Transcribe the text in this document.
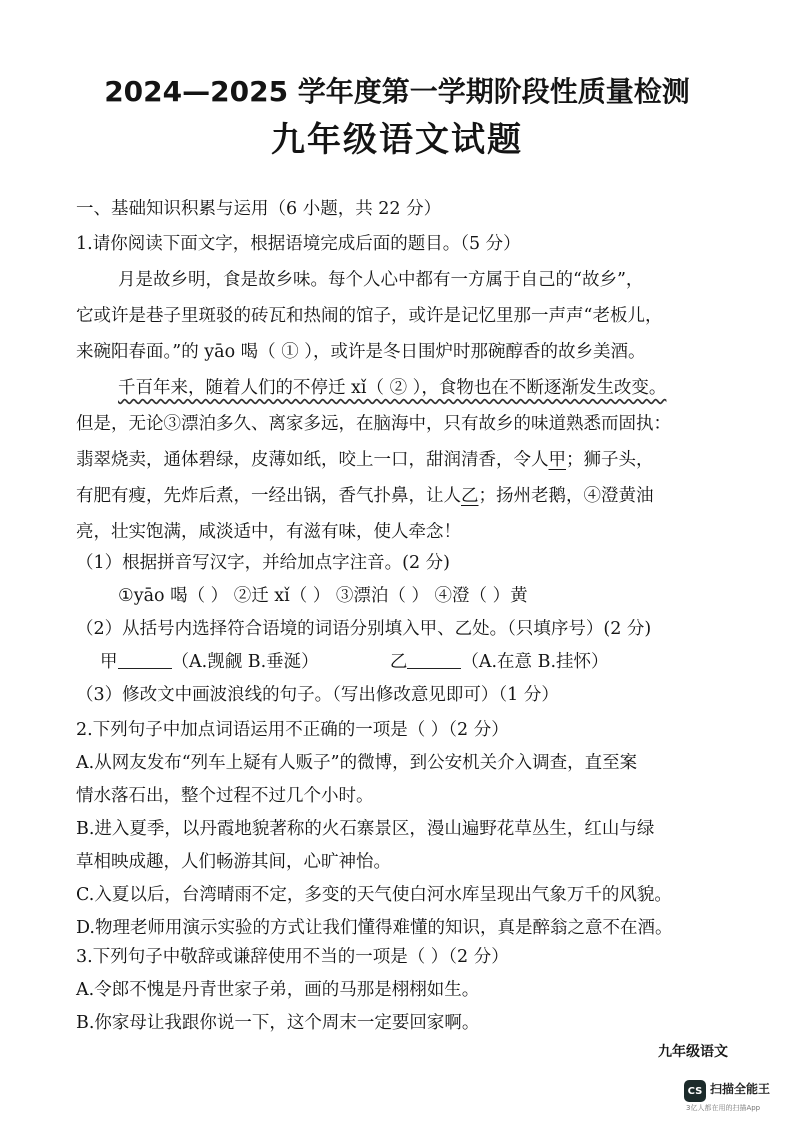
2024—2025 学年度第一学期阶段性质量检测
九年级语文试题
一、基础知识积累与运用（6 小题，共 22 分）
1.请你阅读下面文字，根据语境完成后面的题目。（5 分）
月是故乡明，食是故乡味。每个人心中都有一方属于自己的“故乡”，
它或许是巷子里斑驳的砖瓦和热闹的馆子，或许是记忆里那一声声“老板儿，
来碗阳春面。”的 yāo 喝（ ① ），或许是冬日围炉时那碗醇香的故乡美酒。
千百年来，随着人们的不停迁 xǐ（ ② ），食物也在不断逐渐发生改变。
但是，无论③漂泊多久、离家多远，在脑海中，只有故乡的味道熟悉而固执：
翡翠烧卖，通体碧绿，皮薄如纸，咬上一口，甜润清香，令人甲；狮子头，
有肥有瘦，先炸后煮，一经出锅，香气扑鼻，让人乙；扬州老鹅，④澄黄油
亮，壮实饱满，咸淡适中，有滋有味，使人牵念！
（1）根据拼音写汉字，并给加点字注音。(2 分)
①yāo 喝（ ） ②迁 xǐ（ ） ③漂泊（ ） ④澄（ ）黄
（2）从括号内选择符合语境的词语分别填入甲、乙处。（只填序号）(2 分)
甲	（A.觊觎 B.垂涎）	乙	（A.在意 B.挂怀）
（3）修改文中画波浪线的句子。（写出修改意见即可）（1 分）
2.下列句子中加点词语运用不正确的一项是（ ）（2 分）
A.从网友发布“列车上疑有人贩子”的微博，到公安机关介入调查，直至案
情水落石出，整个过程不过几个小时。
B.进入夏季，以丹霞地貌著称的火石寨景区，漫山遍野花草丛生，红山与绿
草相映成趣，人们畅游其间，心旷神怡。
C.入夏以后，台湾晴雨不定，多变的天气使白河水库呈现出气象万千的风貌。
D.物理老师用演示实验的方式让我们懂得难懂的知识，真是醉翁之意不在酒。
3.下列句子中敬辞或谦辞使用不当的一项是（ ）（2 分）
A.令郎不愧是丹青世家子弟，画的马那是栩栩如生。
B.你家母让我跟你说一下，这个周末一定要回家啊。
九年级语文
CS 扫描全能王
3亿人都在用的扫描App
